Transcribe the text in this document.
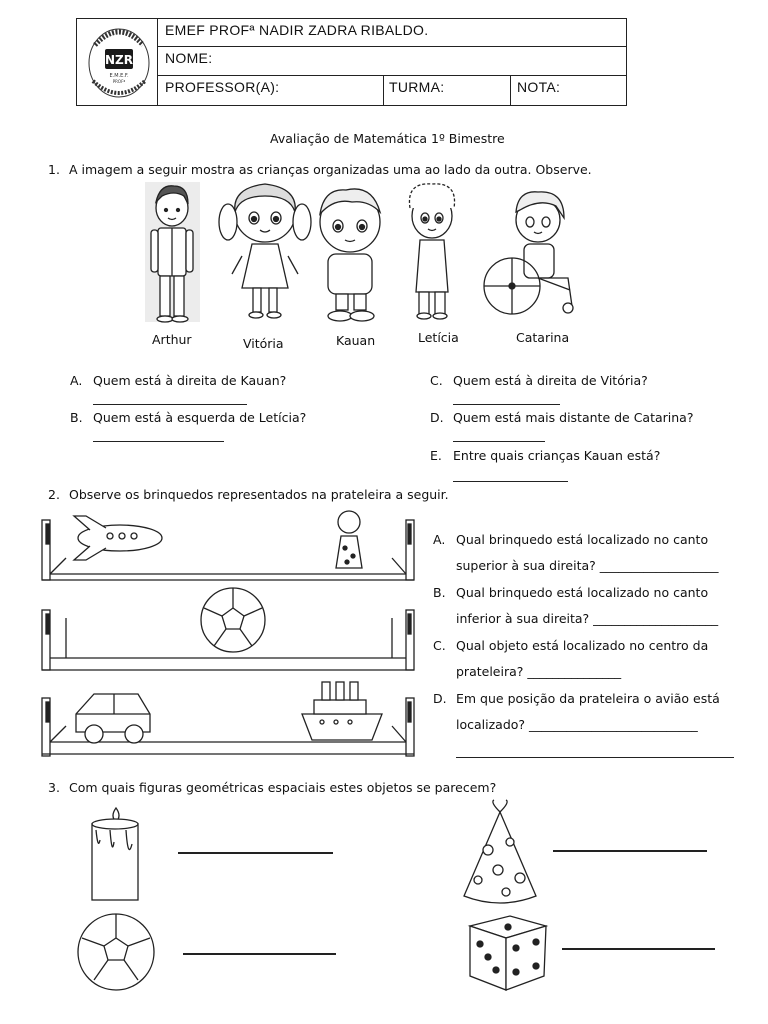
NZR
E.M.E.F.
PROFª
EMEF PROFª NADIR ZADRA RIBALDO.
NOME:
PROFESSOR(A):	TURMA:	NOTA:
Avaliação de Matemática 1º Bimestre
1. A imagem a seguir mostra as crianças organizadas uma ao lado da outra. Observe.
Arthur	Vitória	Kauan	Letícia	Catarina
A. Quem está à direita de Kauan?
B. Quem está à esquerda de Letícia?
C. Quem está à direita de Vitória?
D. Quem está mais distante de Catarina?
E. Entre quais crianças Kauan está?
2. Observe os brinquedos representados na prateleira a seguir.
A. Qual brinquedo está localizado no canto
superior à sua direita? ___________________
B. Qual brinquedo está localizado no canto
inferior à sua direita? ____________________
C. Qual objeto está localizado no centro da
prateleira? _______________
D. Em que posição da prateleira o avião está
localizado? ___________________________
3. Com quais figuras geométricas espaciais estes objetos se parecem?
